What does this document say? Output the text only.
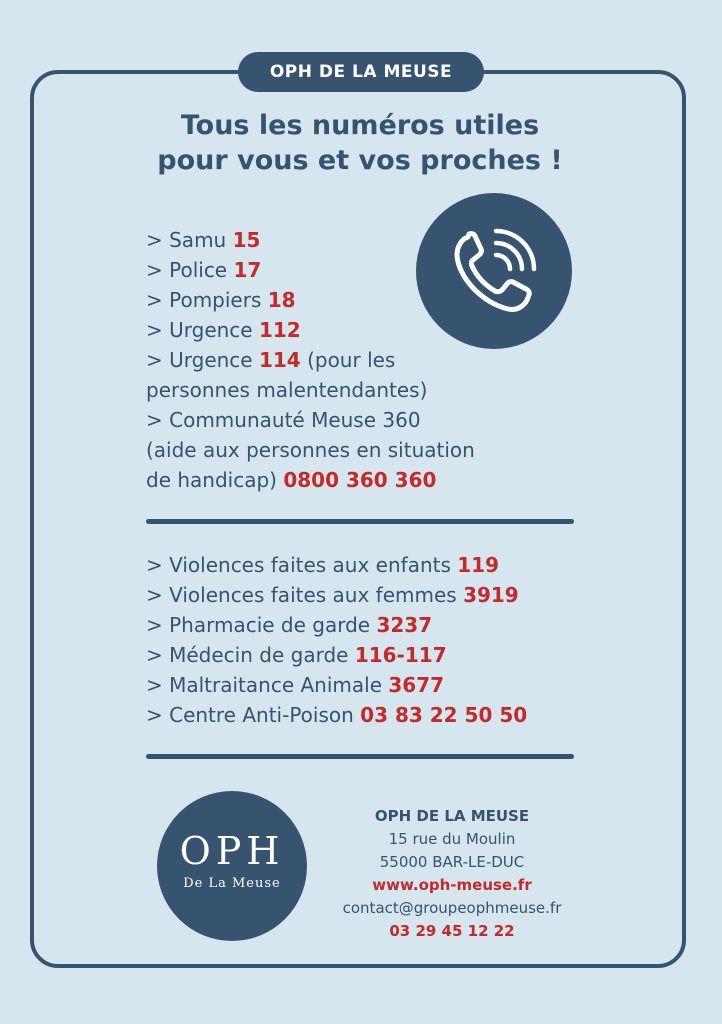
OPH DE LA MEUSE
Tous les numéros utiles
pour vous et vos proches !
> Samu 15
> Police 17
> Pompiers 18
> Urgence 112
> Urgence 114 (pour les
personnes malentendantes)
> Communauté Meuse 360
(aide aux personnes en situation
de handicap) 0800 360 360
> Violences faites aux enfants 119
> Violences faites aux femmes 3919
> Pharmacie de garde 3237
> Médecin de garde 116-117
> Maltraitance Animale 3677
> Centre Anti-Poison 03 83 22 50 50
OPH
De La Meuse
OPH DE LA MEUSE
15 rue du Moulin
55000 BAR-LE-DUC
www.oph-meuse.fr
contact@groupeophmeuse.fr
03 29 45 12 22
